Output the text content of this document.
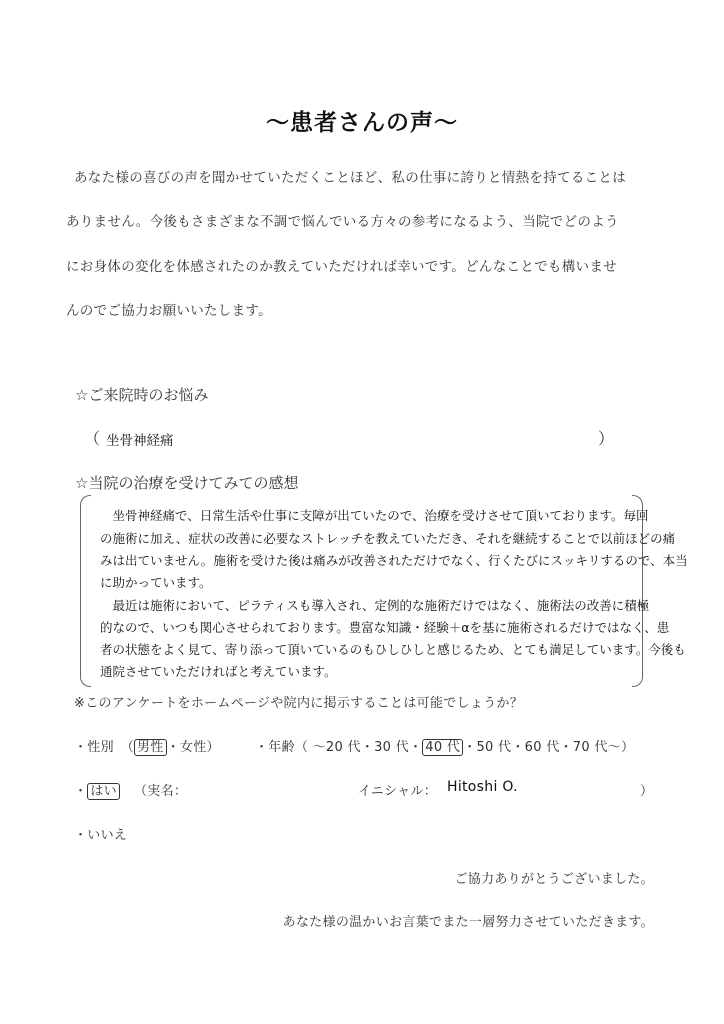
～患者さんの声～
あなた様の喜びの声を聞かせていただくことほど、私の仕事に誇りと情熱を持てることは
ありません。今後もさまざまな不調で悩んでいる方々の参考になるよう、当院でどのよう
にお身体の変化を体感されたのか教えていただければ幸いです。どんなことでも構いませ
んのでご協力お願いいたします。
☆ご来院時のお悩み
（ 坐骨神経痛	）
☆当院の治療を受けてみての感想
　坐骨神経痛で、日常生活や仕事に支障が出ていたので、治療を受けさせて頂いております。毎回
の施術に加え、症状の改善に必要なストレッチを教えていただき、それを継続することで以前ほどの痛
みは出ていません。施術を受けた後は痛みが改善されただけでなく、行くたびにスッキリするので、本当
に助かっています。
　最近は施術において、ピラティスも導入され、定例的な施術だけではなく、施術法の改善に積極
的なので、いつも関心させられております。豊富な知識・経験＋αを基に施術されるだけではなく、患
者の状態をよく見て、寄り添って頂いているのもひしひしと感じるため、とても満足しています。今後も
通院させていただければと考えています。
※このアンケートをホームページや院内に掲示することは可能でしょうか？
・性別　（ 男性 ・女性）	・年齢（ ～20 代・30 代・ 40 代 ・50 代・60 代・70 代～）
・ はい （実名：	イニシャル： Hitoshi O.	）
・いいえ
ご協力ありがとうございました。
あなた様の温かいお言葉でまた一層努力させていただきます。
